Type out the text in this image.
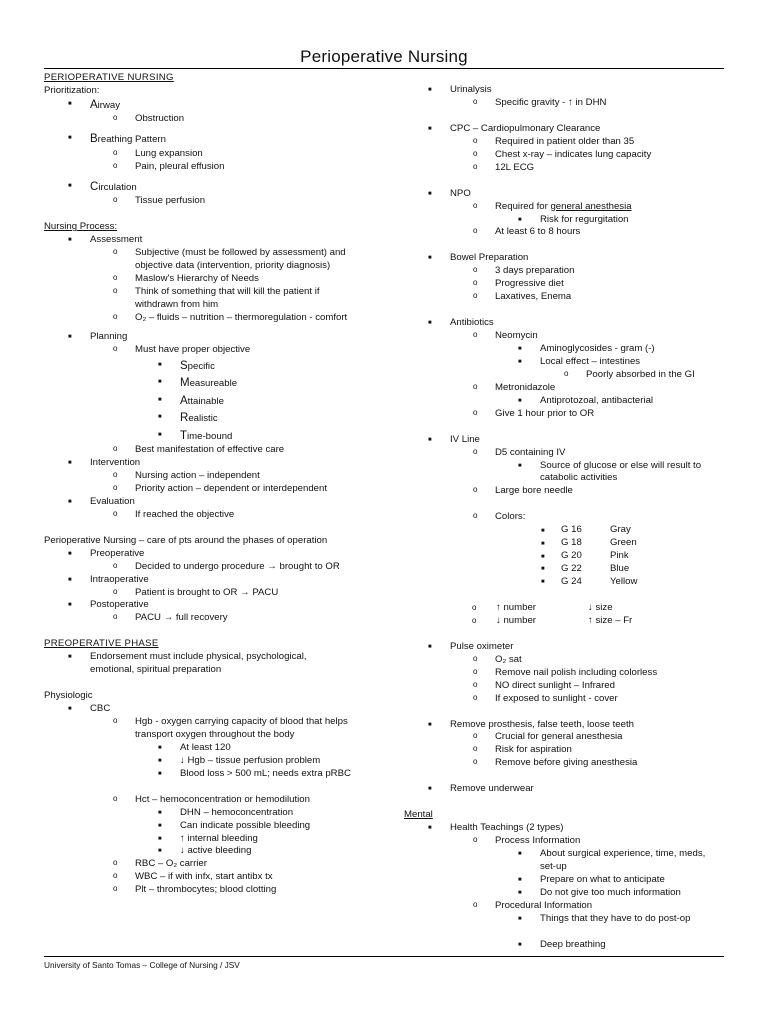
Perioperative Nursing
PERIOPERATIVE NURSING
Prioritization:
■ Airway
o Obstruction
■ Breathing Pattern
o Lung expansion
o Pain, pleural effusion
■ Circulation
o Tissue perfusion
Nursing Process:
■ Assessment
o Subjective (must be followed by assessment) and objective data (intervention, priority diagnosis)
o Maslow's Hierarchy of Needs
o Think of something that will kill the patient if withdrawn from him
o O₂ – fluids – nutrition – thermoregulation - comfort
■ Planning
o Must have proper objective
■ Specific
■ Measureable
■ Attainable
■ Realistic
■ Time-bound
o Best manifestation of effective care
■ Intervention
o Nursing action – independent
o Priority action – dependent or interdependent
■ Evaluation
o If reached the objective
Perioperative Nursing – care of pts around the phases of operation
■ Preoperative
o Decided to undergo procedure → brought to OR
■ Intraoperative
o Patient is brought to OR → PACU
■ Postoperative
o PACU → full recovery
PREOPERATIVE PHASE
■ Endorsement must include physical, psychological, emotional, spiritual preparation
Physiologic
■ CBC
o Hgb - oxygen carrying capacity of blood that helps transport oxygen throughout the body
■ At least 120
■ ↓ Hgb – tissue perfusion problem
■ Blood loss > 500 mL; needs extra pRBC
o Hct – hemoconcentration or hemodilution
■ DHN – hemoconcentration
■ Can indicate possible bleeding
■ ↑ internal bleeding
■ ↓ active bleeding
o RBC – O₂ carrier
o WBC – if with infx, start antibx tx
o Plt – thrombocytes; blood clotting
■ Urinalysis
o Specific gravity - ↑ in DHN
■ CPC – Cardiopulmonary Clearance
o Required in patient older than 35
o Chest x-ray – indicates lung capacity
o 12L ECG
■ NPO
o Required for general anesthesia
■ Risk for regurgitation
o At least 6 to 8 hours
■ Bowel Preparation
o 3 days preparation
o Progressive diet
o Laxatives, Enema
■ Antibiotics
o Neomycin
■ Aminoglycosides - gram (-)
■ Local effect – intestines
o Poorly absorbed in the GI
o Metronidazole
■ Antiprotozoal, antibacterial
o Give 1 hour prior to OR
■ IV Line
o D5 containing IV
■ Source of glucose or else will result to catabolic activities
o Large bore needle
o Colors:
■	G 16	Gray
■	G 18	Green
■	G 20	Pink
■	G 22	Blue
■	G 24	Yellow
o	↑ number	↓ size
o	↓ number	↑ size – Fr
■ Pulse oximeter
o O₂ sat
o Remove nail polish including colorless
o NO direct sunlight – Infrared
o If exposed to sunlight - cover
■ Remove prosthesis, false teeth, loose teeth
o Crucial for general anesthesia
o Risk for aspiration
o Remove before giving anesthesia
■ Remove underwear
Mental
■ Health Teachings (2 types)
o Process Information
■ About surgical experience, time, meds, set-up
■ Prepare on what to anticipate
■ Do not give too much information
o Procedural Information
■ Things that they have to do post-op
■ Deep breathing
University of Santo Tomas – College of Nursing / JSV
